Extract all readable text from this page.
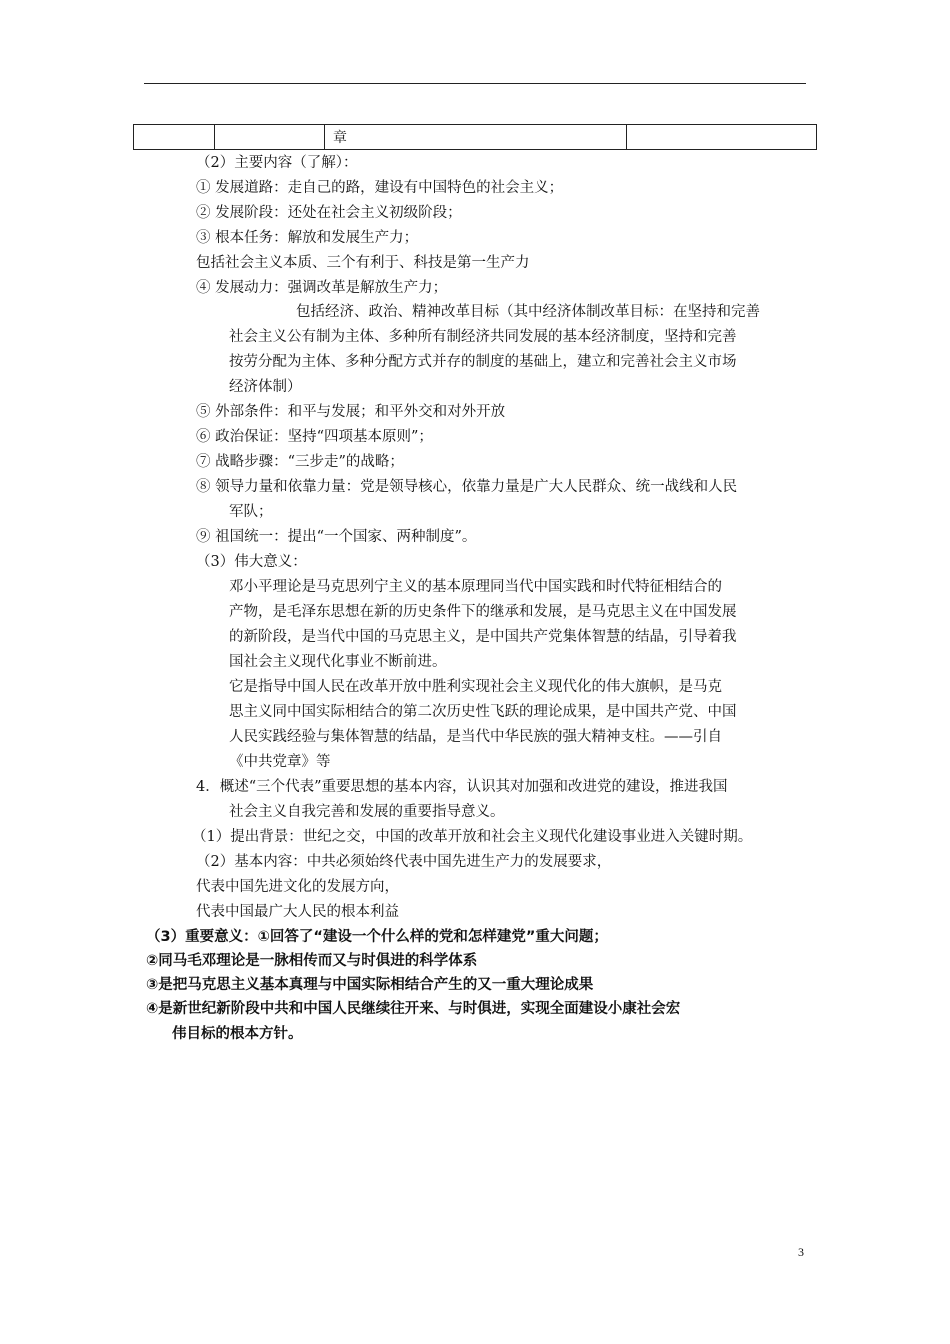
		章	
（2）主要内容（了解）：
① 发展道路：走自己的路，建设有中国特色的社会主义；
② 发展阶段：还处在社会主义初级阶段；
③ 根本任务：解放和发展生产力；
包括社会主义本质、三个有利于、科技是第一生产力
④ 发展动力：强调改革是解放生产力；
包括经济、政治、精神改革目标（其中经济体制改革目标：在坚持和完善
社会主义公有制为主体、多种所有制经济共同发展的基本经济制度，坚持和完善
按劳分配为主体、多种分配方式并存的制度的基础上，建立和完善社会主义市场
经济体制）
⑤ 外部条件：和平与发展；和平外交和对外开放
⑥ 政治保证：坚持“四项基本原则”；
⑦ 战略步骤：“三步走”的战略；
⑧ 领导力量和依靠力量：党是领导核心，依靠力量是广大人民群众、统一战线和人民
军队；
⑨ 祖国统一：提出“一个国家、两种制度”。
（3）伟大意义：
邓小平理论是马克思列宁主义的基本原理同当代中国实践和时代特征相结合的
产物，是毛泽东思想在新的历史条件下的继承和发展，是马克思主义在中国发展
的新阶段，是当代中国的马克思主义，是中国共产党集体智慧的结晶，引导着我
国社会主义现代化事业不断前进。
它是指导中国人民在改革开放中胜利实现社会主义现代化的伟大旗帜，是马克
思主义同中国实际相结合的第二次历史性飞跃的理论成果，是中国共产党、中国
人民实践经验与集体智慧的结晶，是当代中华民族的强大精神支柱。——引自
《中共党章》等
4．概述“三个代表”重要思想的基本内容，认识其对加强和改进党的建设，推进我国
社会主义自我完善和发展的重要指导意义。
（1）提出背景：世纪之交，中国的改革开放和社会主义现代化建设事业进入关键时期。
（2）基本内容：中共必须始终代表中国先进生产力的发展要求，
代表中国先进文化的发展方向，
代表中国最广大人民的根本利益
（3）重要意义：①回答了“建设一个什么样的党和怎样建党”重大问题；
②同马毛邓理论是一脉相传而又与时俱进的科学体系
③是把马克思主义基本真理与中国实际相结合产生的又一重大理论成果
④是新世纪新阶段中共和中国人民继续往开来、与时俱进，实现全面建设小康社会宏
伟目标的根本方针。
3
